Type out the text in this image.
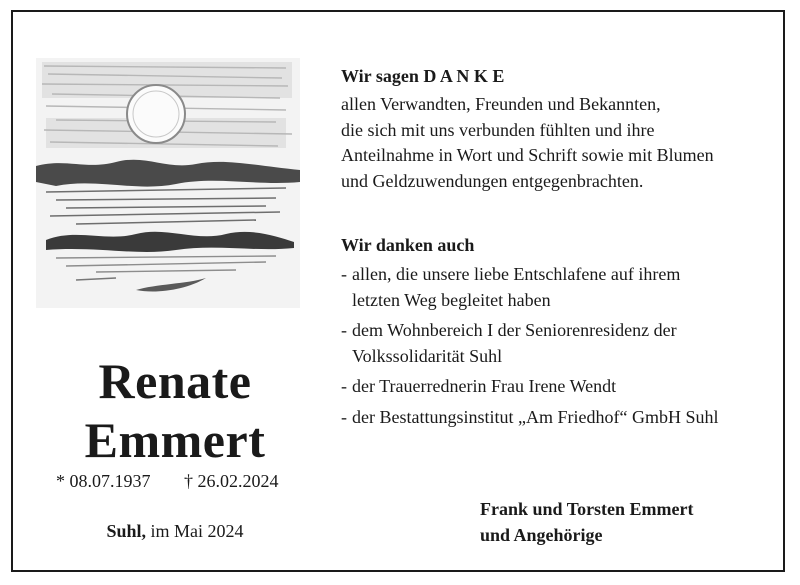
Renate
Emmert
* 08.07.1937 † 26.02.2024
Suhl, im Mai 2024
Wir sagen D A N K E
allen Verwandten, Freunden und Bekannten,
die sich mit uns verbunden fühlten und ihre
Anteilnahme in Wort und Schrift sowie mit Blumen
und Geldzuwendungen entgegenbrachten.
Wir danken auch
- allen, die unsere liebe Entschlafene auf ihrem
letzten Weg begleitet haben
- dem Wohnbereich I der Seniorenresidenz der
Volkssolidarität Suhl
- der Trauerrednerin Frau Irene Wendt
- der Bestattungsinstitut „Am Friedhof“ GmbH Suhl
Frank und Torsten Emmert
und Angehörige
